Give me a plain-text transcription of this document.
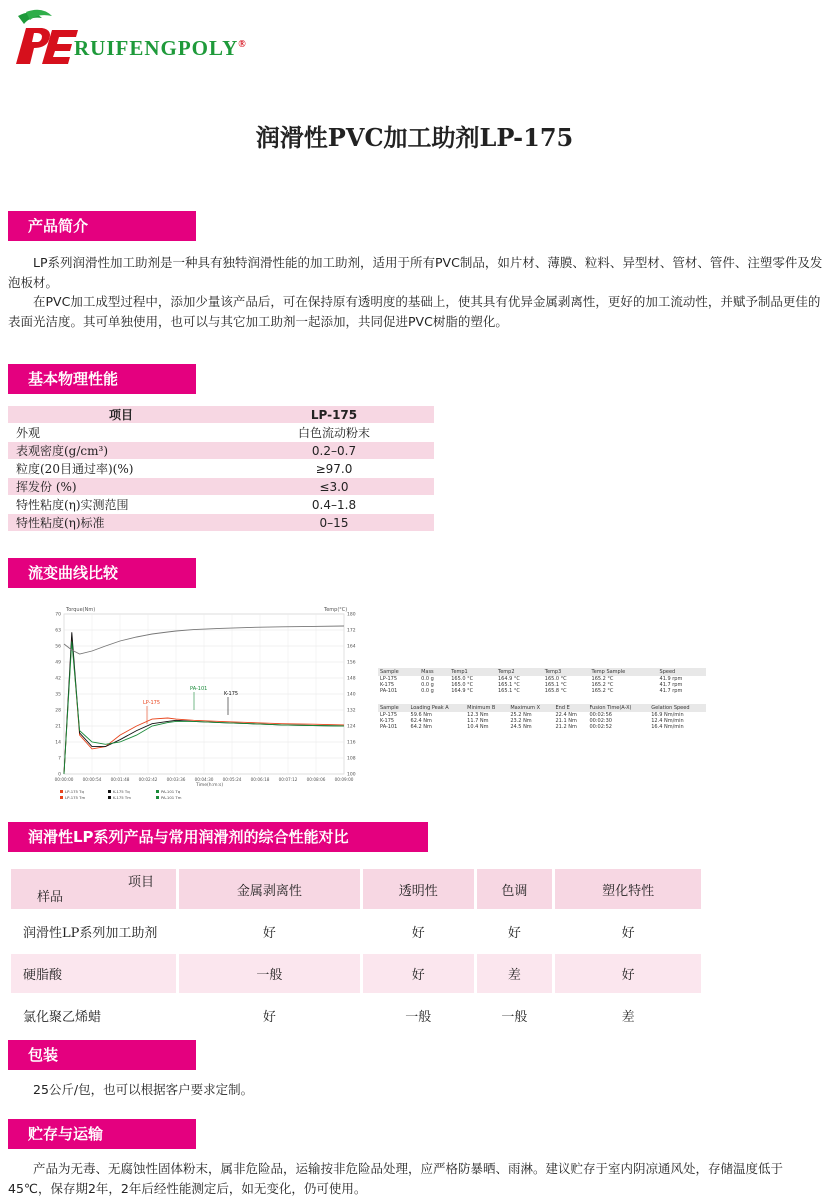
RUIFENGPOLY®
润滑性PVC加工助剂LP-175
产品简介

LP系列润滑性加工助剂是一种具有独特润滑性能的加工助剂，适用于所有PVC制品，如片材、薄膜、粒料、异型材、管材、管件、注塑零件及发泡板材。

在PVC加工成型过程中，添加少量该产品后，可在保持原有透明度的基础上，使其具有优异金属剥离性，更好的加工流动性，并赋予制品更佳的表面光洁度。其可单独使用，也可以与其它加工助剂一起添加，共同促进PVC树脂的塑化。

基本物理性能
项目	LP-175
外观	白色流动粉末
表观密度(g/cm³)	0.2–0.7
粒度(20目通过率)(%)	≥97.0
挥发份 (%)	≤3.0
特性粘度(η)实测范围	0.4–1.8
特性粘度(η)标准	0–15
流变曲线比较
0
7
14
21
28
35
42
49
56
63
70
100
108
116
124
132
140
148
156
164
172
180
00:00:00 00:00:54 00:01:48 00:02:42 00:03:36 00:04:30 00:05:24 00:06:18 00:07:12 00:08:06 00:09:00
LP-175
PA-101
K-175
Torque(Nm)	Temp(°C)
Time(h:m:s)
LP-175 Tq	K-175 Tq	PA-101 Tq
LP-175 Tm	K-175 Tm	PA-101 Tm
Sample	Mass	Temp1	Temp2	Temp3	Temp Sample	Speed
LP-175	0.0 g	165.0 °C	164.9 °C	165.0 °C	165.2 °C	41.9 rpm
K-175	0.0 g	165.0 °C	165.1 °C	165.1 °C	165.2 °C	41.7 rpm
PA-101	0.0 g	164.9 °C	165.1 °C	165.8 °C	165.2 °C	41.7 rpm
Sample	Loading Peak A	Minimum B	Maximum X	End E	Fusion Time(A-X)	Gelation Speed
LP-175	59.6 Nm	12.3 Nm	25.2 Nm	22.4 Nm	00:02:56	16.9 Nm/min
K-175	62.4 Nm	11.7 Nm	23.2 Nm	21.1 Nm	00:02:30	12.4 Nm/min
PA-101	64.2 Nm	10.4 Nm	24.5 Nm	21.2 Nm	00:02:52	16.4 Nm/min
润滑性LP系列产品与常用润滑剂的综合性能对比
项目
样品	金属剥离性	透明性	色调	塑化特性
润滑性LP系列加工助剂	好	好	好	好
硬脂酸	一般	好	差	好
氯化聚乙烯蜡	好	一般	一般	差
包装

25公斤/包，也可以根据客户要求定制。

贮存与运输

产品为无毒、无腐蚀性固体粉末，属非危险品，运输按非危险品处理，应严格防暴晒、雨淋。建议贮存于室内阴凉通风处，存储温度低于45℃，保存期2年，2年后经性能测定后，如无变化，仍可使用。
